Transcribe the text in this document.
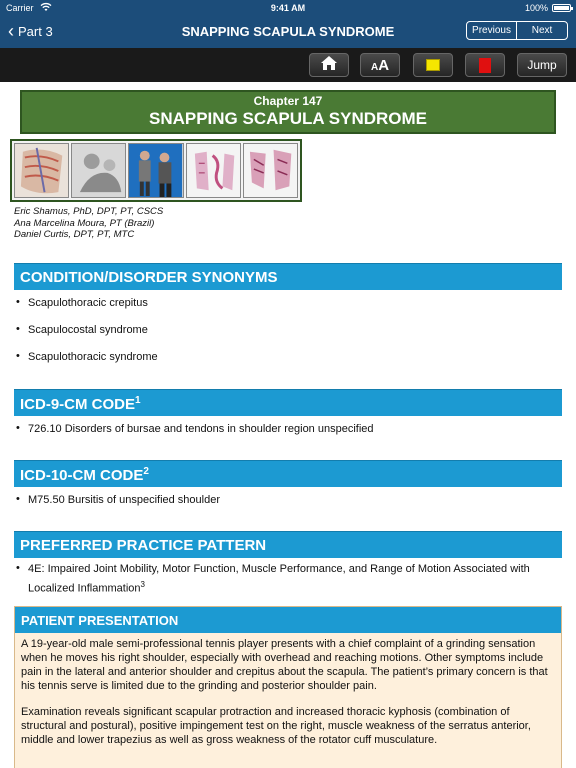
Carrier	9:41 AM	100%
‹ Part 3	SNAPPING SCAPULA SYNDROME	Previous	Next
AA	Jump
Chapter 147
SNAPPING SCAPULA SYNDROME
Eric Shamus, PhD, DPT, PT, CSCS
Ana Marcelina Moura, PT (Brazil)
Daniel Curtis, DPT, PT, MTC
CONDITION/DISORDER SYNONYMS
• Scapulothoracic crepitus
• Scapulocostal syndrome
• Scapulothoracic syndrome
ICD-9-CM CODE$^1$
• 726.10 Disorders of bursae and tendons in shoulder region unspecified
ICD-10-CM CODE$^2$
• M75.50 Bursitis of unspecified shoulder
PREFERRED PRACTICE PATTERN
• 4E: Impaired Joint Mobility, Motor Function, Muscle Performance, and Range of Motion Associated with Localized Inflammation$^3$
PATIENT PRESENTATION

A 19-year-old male semi-professional tennis player presents with a chief complaint of a grinding sensation when he moves his right shoulder, especially with overhead and reaching motions. Other symptoms include pain in the lateral and anterior shoulder and crepitus about the scapula. The patient’s primary concern is that his tennis serve is limited due to the grinding and posterior shoulder pain.

Examination reveals significant scapular protraction and increased thoracic kyphosis (combination of structural and postural), positive impingement test on the right, muscle weakness of the serratus anterior, middle and lower trapezius as well as gross weakness of the rotator cuff musculature.
